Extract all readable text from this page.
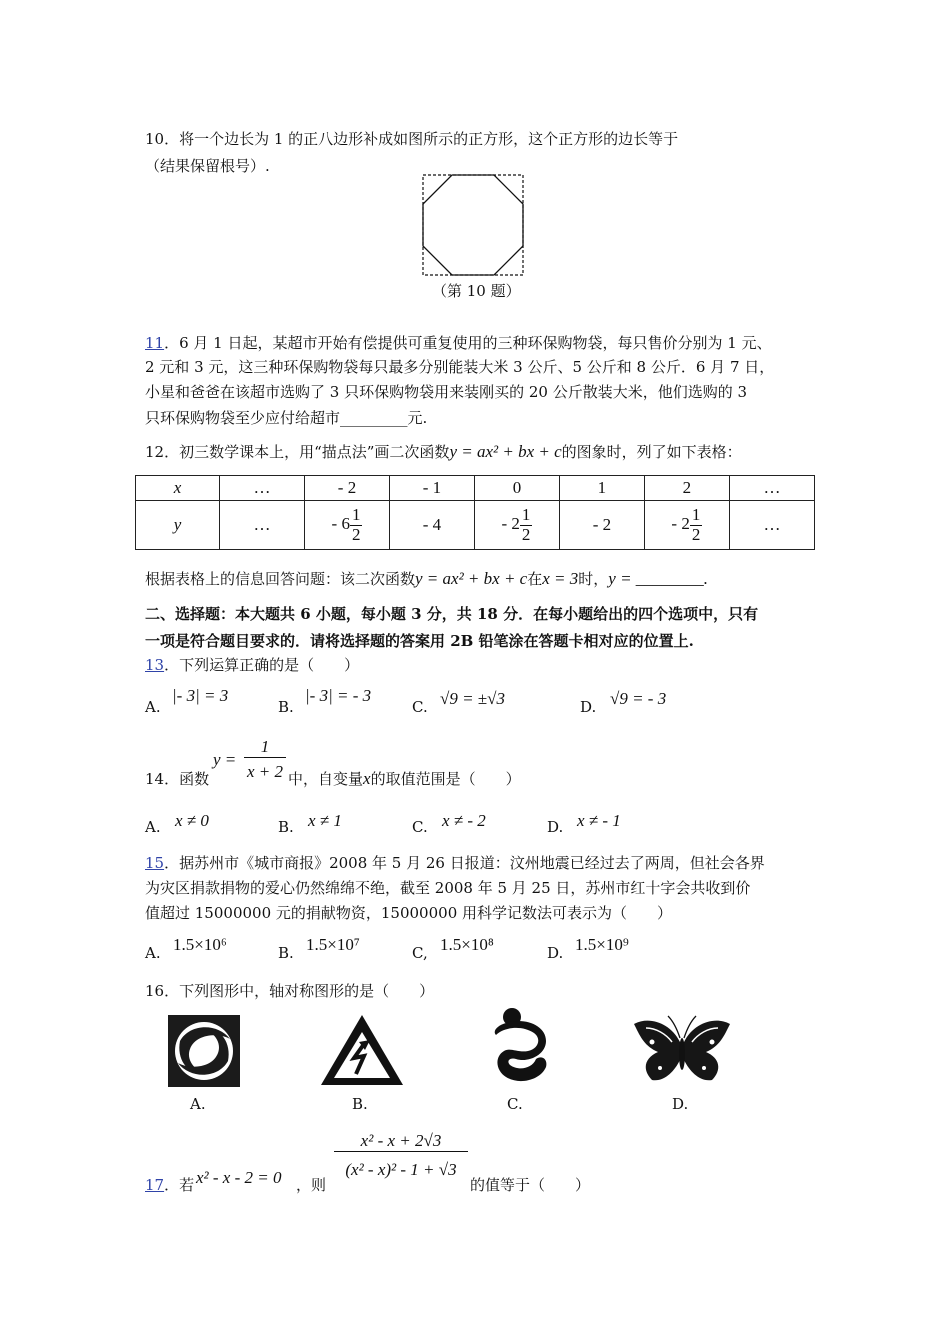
10．将一个边长为 1 的正八边形补成如图所示的正方形，这个正方形的边长等于
（结果保留根号）.
（第 10 题）
11．6 月 1 日起，某超市开始有偿提供可重复使用的三种环保购物袋，每只售价分别为 1 元、
2 元和 3 元，这三种环保购物袋每只最多分别能装大米 3 公斤、5 公斤和 8 公斤．6 月 7 日，
小星和爸爸在该超市选购了 3 只环保购物袋用来装刚买的 20 公斤散装大米，他们选购的 3
只环保购物袋至少应付给超市_________元.
12．初三数学课本上，用“描点法”画二次函数y = ax² + bx + c的图象时，列了如下表格：
x	…	- 2	- 1	0	1	2	…
y	…	- $6 \frac{1}{2}$	- 4	- $2 \frac{1}{2}$	- 2	- $2 \frac{1}{2}$	…
根据表格上的信息回答问题：该二次函数y = ax² + bx + c在x = 3时，y = ________.
二、选择题：本大题共 6 小题，每小题 3 分，共 18 分．在每小题给出的四个选项中，只有
一项是符合题目要求的．请将选择题的答案用 2B 铅笔涂在答题卡相对应的位置上.
13．下列运算正确的是（　　）
A.
|- 3| = 3
B.
|- 3| = - 3
C. √9 = ±√3	D. √9 = - 3
14．函数
y =
1
x + 2 中，自变量x的取值范围是（　　）
A. x ≠ 0	B. x ≠ 1	C. x ≠ - 2	D. x ≠ - 1
15．据苏州市《城市商报》2008 年 5 月 26 日报道：汶州地震已经过去了两周，但社会各界
为灾区捐款捐物的爱心仍然绵绵不绝，截至 2008 年 5 月 25 日，苏州市红十字会共收到价
值超过 15000000 元的捐献物资，15000000 用科学记数法可表示为（　　）
A. 1.5×10⁶	B. 1.5×10⁷	C, 1.5×10⁸	D. 1.5×10⁹
16．下列图形中，轴对称图形的是（　　）
A.	B.	C.	D.
17．若 x² - x - 2 = 0 ，则
x² - x + 2√3
(x² - x)² - 1 + √3
的值等于（　　）
